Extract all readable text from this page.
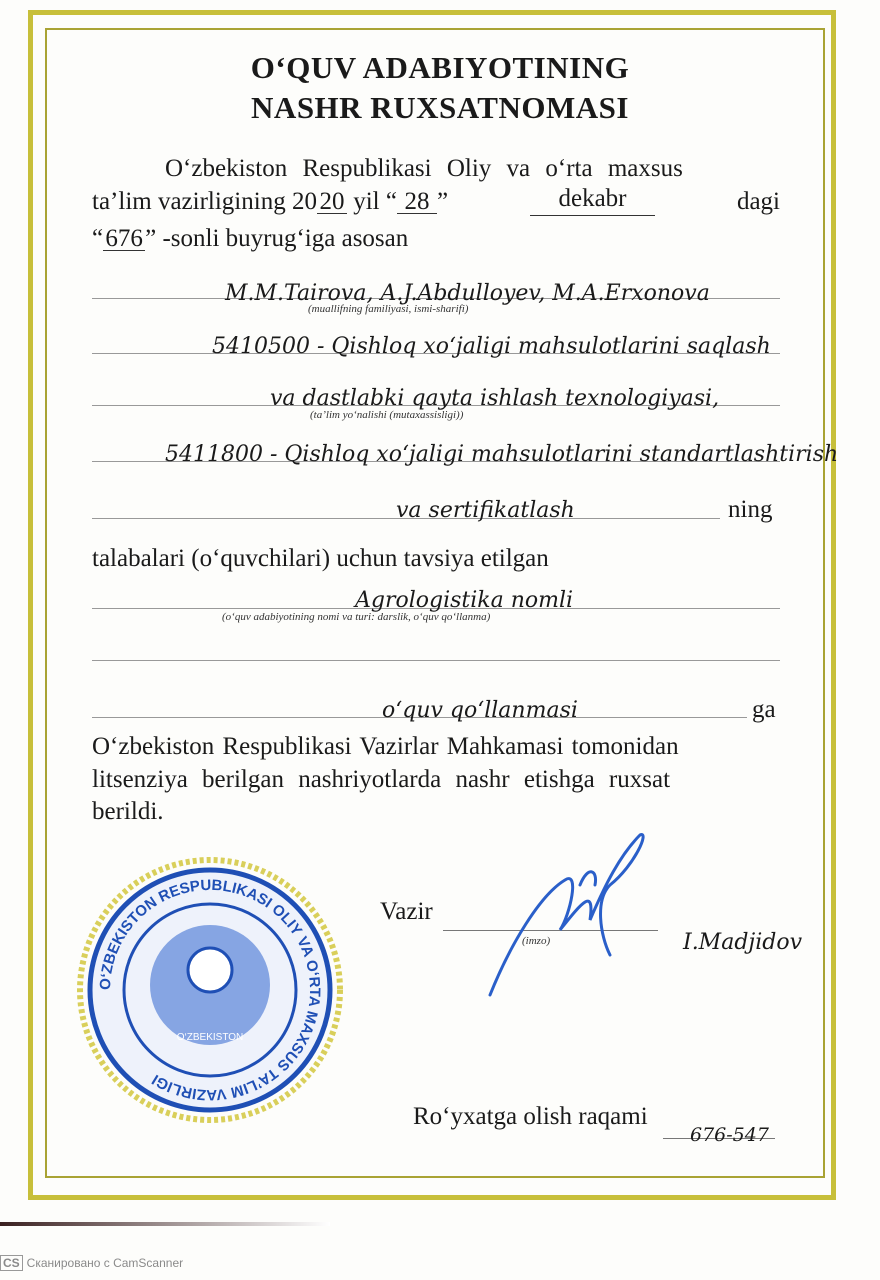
O‘QUV ADABIYOTINING
NASHR RUXSATNOMASI
O‘zbekiston Respublikasi Oliy va o‘rta maxsus
ta’lim vazirligining 20 20 yil “ 28 ”	dekabr	dagi
“676” -sonli buyrug‘iga asosan
M.M.Tairova, A.J.Abdulloyev, M.A.Erxonova
(muallifning familiyasi, ismi-sharifi)
5410500 - Qishloq xo‘jaligi mahsulotlarini saqlash
va dastlabki qayta ishlash texnologiyasi,
(ta’lim yo‘nalishi (mutaxassisligi))
5411800 - Qishloq xo‘jaligi mahsulotlarini standartlashtirish
va sertifikatlash	ning
talabalari (o‘quvchilari) uchun tavsiya etilgan
Agrologistika nomli
(o‘quv adabiyotining nomi va turi: darslik, o‘quv qo‘llanma)
o‘quv qo‘llanmasi	ga
O‘zbekiston Respublikasi Vazirlar Mahkamasi tomonidan
litsenziya berilgan nashriyotlarda nashr etishga ruxsat
berildi.
Vazir
(imzo)	I.Madjidov
O‘ZBEKISTON RESPUBLIKASI OLIY VA O‘RTA MAXSUS TA’LIM VAZIRLIGI
O‘ZBEKISTON
Ro‘yxatga olish raqami
676-547
CS Сканировано с CamScanner
